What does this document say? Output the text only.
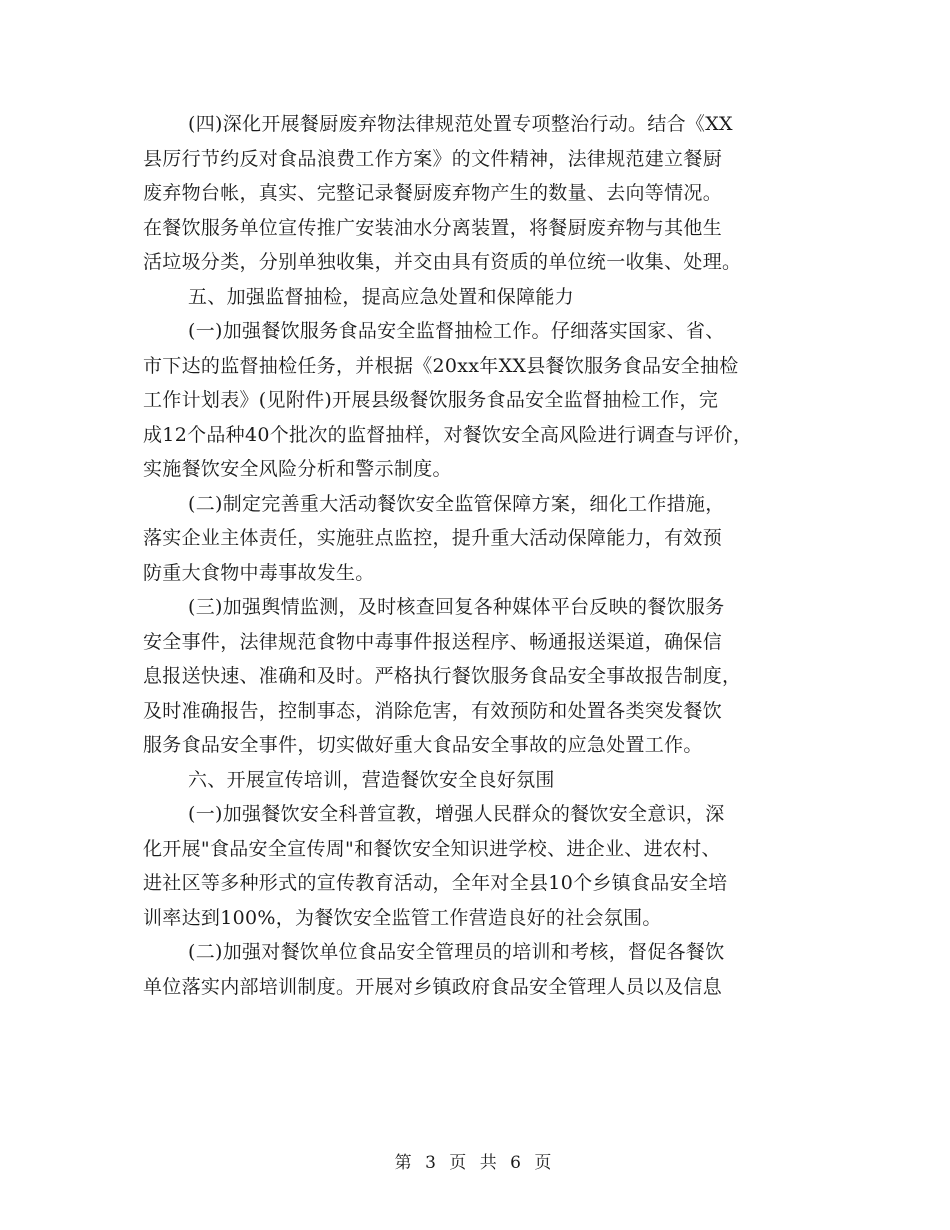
(四)深化开展餐厨废弃物法律规范处置专项整治行动。结合《XX
县厉行节约反对食品浪费工作方案》的文件精神，法律规范建立餐厨
废弃物台帐，真实、完整记录餐厨废弃物产生的数量、去向等情况。
在餐饮服务单位宣传推广安装油水分离装置，将餐厨废弃物与其他生
活垃圾分类，分别单独收集，并交由具有资质的单位统一收集、处理。
五、加强监督抽检，提高应急处置和保障能力
(一)加强餐饮服务食品安全监督抽检工作。仔细落实国家、省、
市下达的监督抽检任务，并根据《20xx年XX县餐饮服务食品安全抽检
工作计划表》(见附件)开展县级餐饮服务食品安全监督抽检工作，完
成12个品种40个批次的监督抽样，对餐饮安全高风险进行调查与评价，
实施餐饮安全风险分析和警示制度。
(二)制定完善重大活动餐饮安全监管保障方案，细化工作措施，
落实企业主体责任，实施驻点监控，提升重大活动保障能力，有效预
防重大食物中毒事故发生。
(三)加强舆情监测，及时核查回复各种媒体平台反映的餐饮服务
安全事件，法律规范食物中毒事件报送程序、畅通报送渠道，确保信
息报送快速、准确和及时。严格执行餐饮服务食品安全事故报告制度，
及时准确报告，控制事态，消除危害，有效预防和处置各类突发餐饮
服务食品安全事件，切实做好重大食品安全事故的应急处置工作。
六、开展宣传培训，营造餐饮安全良好氛围
(一)加强餐饮安全科普宣教，增强人民群众的餐饮安全意识，深
化开展"食品安全宣传周"和餐饮安全知识进学校、进企业、进农村、
进社区等多种形式的宣传教育活动，全年对全县10个乡镇食品安全培
训率达到100%，为餐饮安全监管工作营造良好的社会氛围。
(二)加强对餐饮单位食品安全管理员的培训和考核，督促各餐饮
单位落实内部培训制度。开展对乡镇政府食品安全管理人员以及信息
第 3 页 共 6 页
